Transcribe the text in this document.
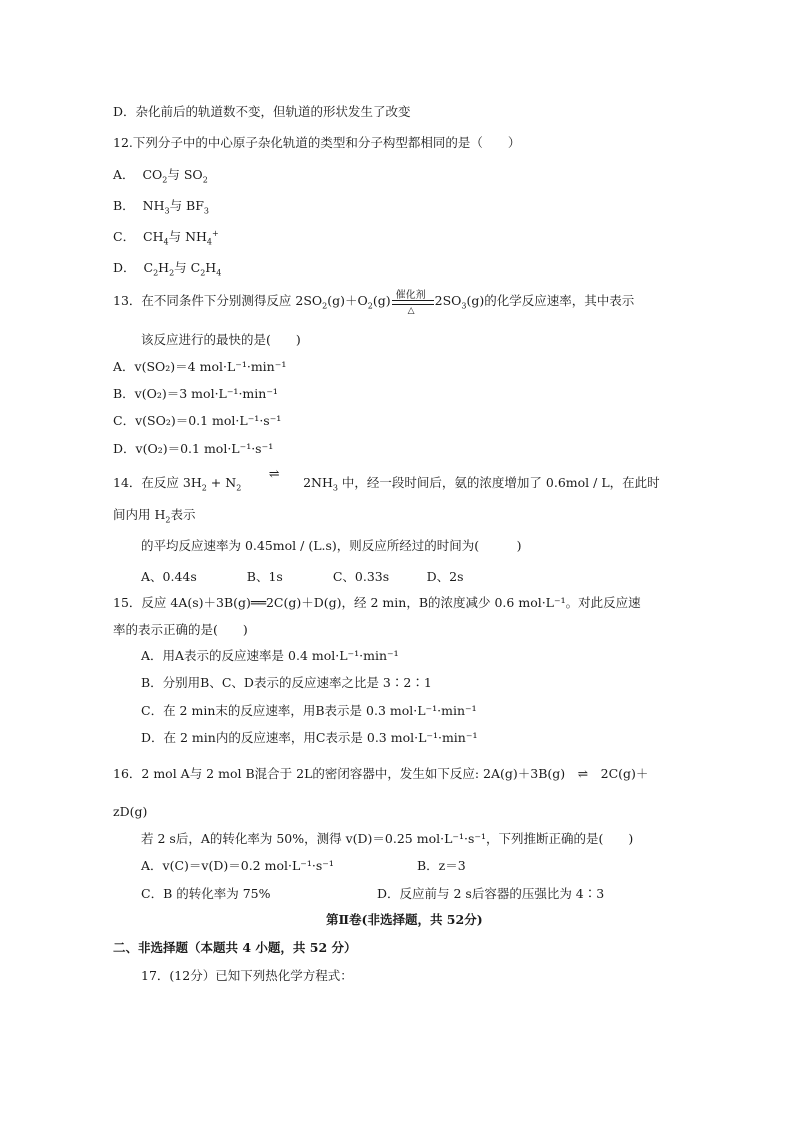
D．杂化前后的轨道数不变，但轨道的形状发生了改变
12.下列分子中的中心原子杂化轨道的类型和分子构型都相同的是（　　）
A． $CO_2$与 $SO_2$
B． $NH_3$与 $BF_3$
C． $CH_4$与 $NH_4^+$
D． $C_2H_2$与 $C_2H_4$
13．在不同条件下分别测得反应 $2SO_2(g)+O_2(g)$ 催化剂
△
$2SO_3(g)$的化学反应速率，其中表示
该反应进行的最快的是(　　)
A．v(SO₂)＝4 mol·L⁻¹·min⁻¹
B．v(O₂)＝3 mol·L⁻¹·min⁻¹
C．v(SO₂)＝0.1 mol·L⁻¹·s⁻¹
D．v(O₂)＝0.1 mol·L⁻¹·s⁻¹
14．在反应 $3H_2 + N_2$     ⇌    $2NH_3$ 中，经一段时间后，氨的浓度增加了 0.6mol / L，在此时
间内用 $H_2$表示
的平均反应速率为 0.45mol / (L.s)，则反应所经过的时间为(　　　)
A、0.44s　　　　B、1s　　　　C、0.33s　　　D、2s
15．反应 4A(s)＋3B(g)══2C(g)＋D(g)，经 2 min，B的浓度减少 0.6 mol·L⁻¹。对此反应速
率的表示正确的是(　　)
A．用A表示的反应速率是 0.4 mol·L⁻¹·min⁻¹
B．分别用B、C、D表示的反应速率之比是 3∶2∶1
C．在 2 min末的反应速率，用B表示是 0.3 mol·L⁻¹·min⁻¹
D．在 2 min内的反应速率，用C表示是 0.3 mol·L⁻¹·min⁻¹
16．2 mol A与 2 mol B混合于 2L的密闭容器中，发生如下反应: 2A(g)＋3B(g)　⇌　2C(g)＋
zD(g)
若 2 s后，A的转化率为 50%，测得 v(D)＝0.25 mol·L⁻¹·s⁻¹，下列推断正确的是(　　)
A．v(C)＝v(D)＝0.2 mol·L⁻¹·s⁻¹	B．z＝3
C．B 的转化率为 75%	D．反应前与 2 s后容器的压强比为 4∶3
第Ⅱ卷(非选择题，共 52分)
二、非选择题（本题共 4 小题，共 52 分）
17．(12分）已知下列热化学方程式：
